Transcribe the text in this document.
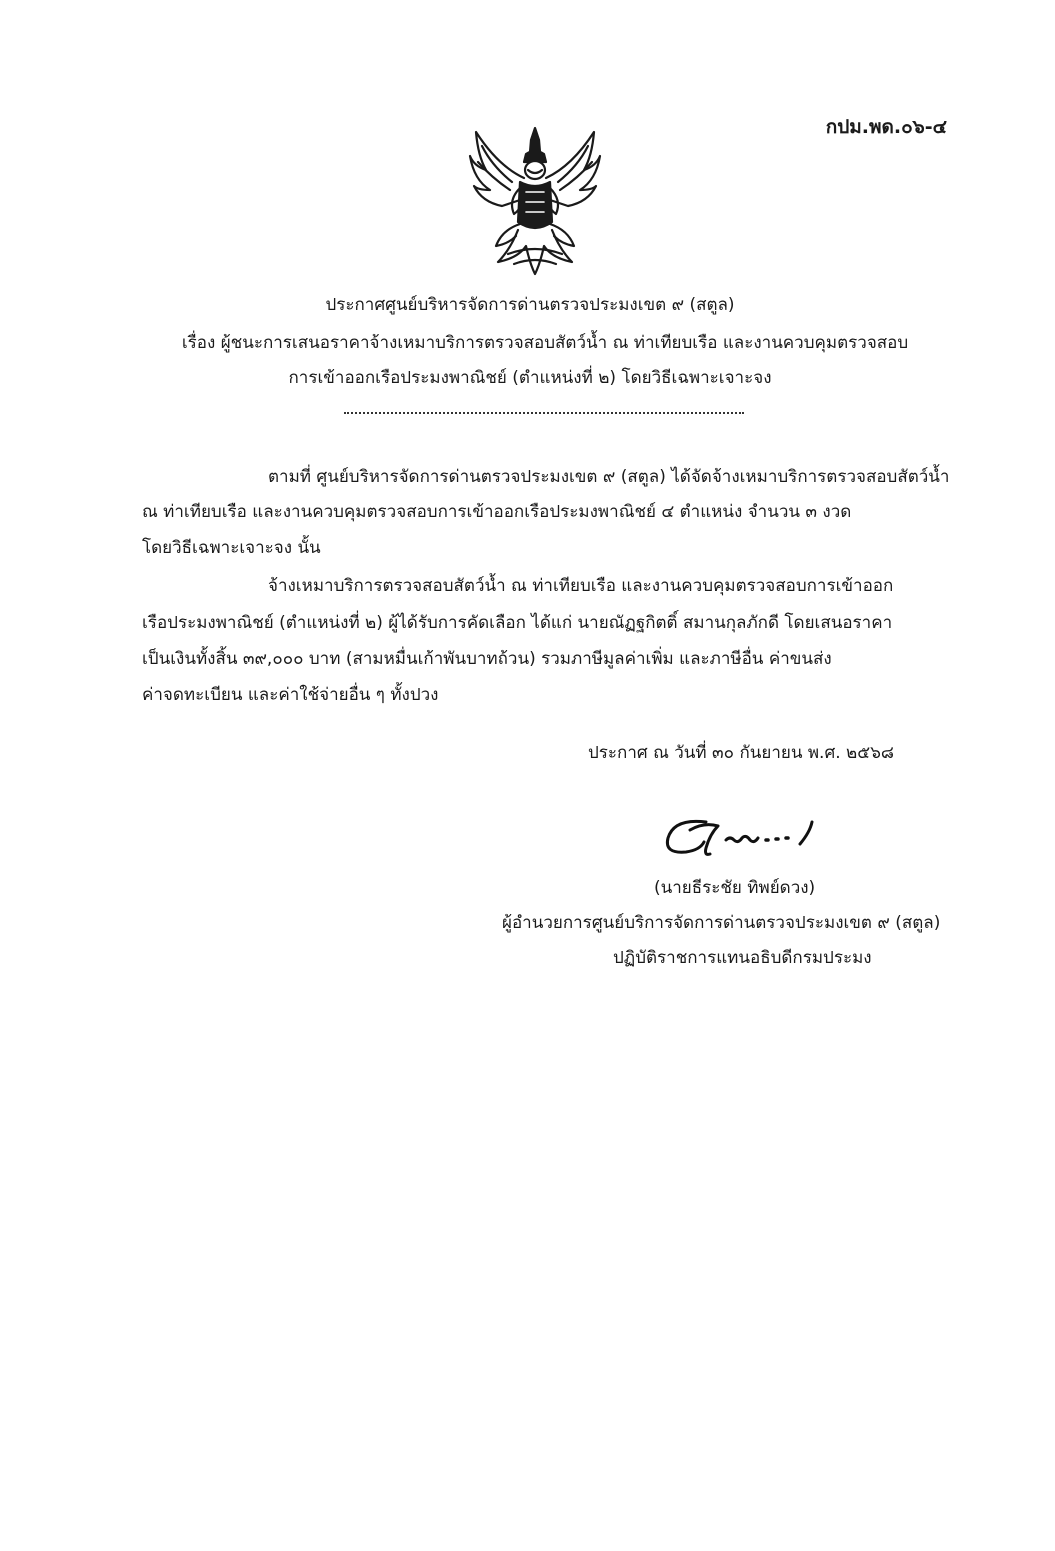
กปม.พด.๐๖-๔
ประกาศศูนย์บริหารจัดการด่านตรวจประมงเขต ๙ (สตูล)
เรื่อง ผู้ชนะการเสนอราคาจ้างเหมาบริการตรวจสอบสัตว์น้ำ ณ ท่าเทียบเรือ และงานควบคุมตรวจสอบ
การเข้าออกเรือประมงพาณิชย์ (ตำแหน่งที่ ๒) โดยวิธีเฉพาะเจาะจง
ตามที่ ศูนย์บริหารจัดการด่านตรวจประมงเขต ๙ (สตูล) ได้จัดจ้างเหมาบริการตรวจสอบสัตว์น้ำ
ณ ท่าเทียบเรือ และงานควบคุมตรวจสอบการเข้าออกเรือประมงพาณิชย์ ๔ ตำแหน่ง จำนวน ๓ งวด
โดยวิธีเฉพาะเจาะจง นั้น
จ้างเหมาบริการตรวจสอบสัตว์น้ำ ณ ท่าเทียบเรือ และงานควบคุมตรวจสอบการเข้าออก
เรือประมงพาณิชย์ (ตำแหน่งที่ ๒) ผู้ได้รับการคัดเลือก ได้แก่ นายณัฏฐกิตติ์ สมานกุลภักดี โดยเสนอราคา
เป็นเงินทั้งสิ้น ๓๙,๐๐๐ บาท (สามหมื่นเก้าพันบาทถ้วน) รวมภาษีมูลค่าเพิ่ม และภาษีอื่น ค่าขนส่ง
ค่าจดทะเบียน และค่าใช้จ่ายอื่น ๆ ทั้งปวง
ประกาศ ณ วันที่ ๓๐ กันยายน พ.ศ. ๒๕๖๘
(นายธีระชัย ทิพย์ดวง)
ผู้อำนวยการศูนย์บริการจัดการด่านตรวจประมงเขต ๙ (สตูล)
ปฏิบัติราชการแทนอธิบดีกรมประมง
